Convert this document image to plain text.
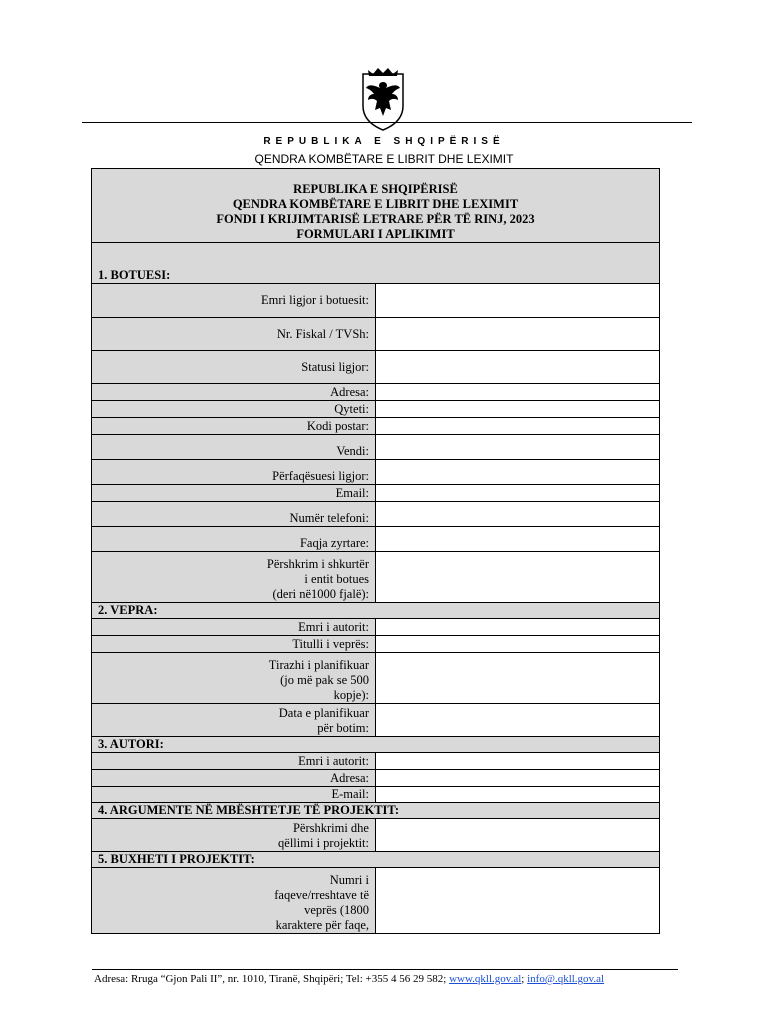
REPUBLIKA E SHQIPËRISË
QENDRA KOMBËTARE E LIBRIT DHE LEXIMIT
REPUBLIKA E SHQIPËRISË
QENDRA KOMBËTARE E LIBRIT DHE LEXIMIT
FONDI I KRIJIMTARISË LETRARE PËR TË RINJ, 2023
FORMULARI I APLIKIMIT	

1. BOTUESI:	
Emri ligjor i botuesit:	
Nr. Fiskal / TVSh:	
Statusi ligjor:	
Adresa:	
Qyteti:	
Kodi postar:	
Vendi:	
Përfaqësuesi ligjor:	
Email:	
Numër telefoni:	
Faqja zyrtare:	

Përshkrim i shkurtër
i entit botues
(deri në1000 fjalë):	

2. VEPRA:	
Emri i autorit:	
Titulli i veprës:	

Tirazhi i planifikuar
(jo më pak se 500
kopje):	

Data e planifikuar
për botim:	

3. AUTORI:	
Emri i autorit:	
Adresa:	
E-mail:	
4. ARGUMENTE NË MBËSHTETJE TË PROJEKTIT:	

Përshkrimi dhe
qëllimi i projektit:	

5. BUXHETI I PROJEKTIT:	

Numri i
faqeve/rreshtave të
veprës (1800
karaktere për faqe,	

Adresa: Rruga “Gjon Pali II”, nr. 1010, Tiranë, Shqipëri; Tel: +355 4 56 29 582; www.qkll.gov.al; info@.qkll.gov.al
